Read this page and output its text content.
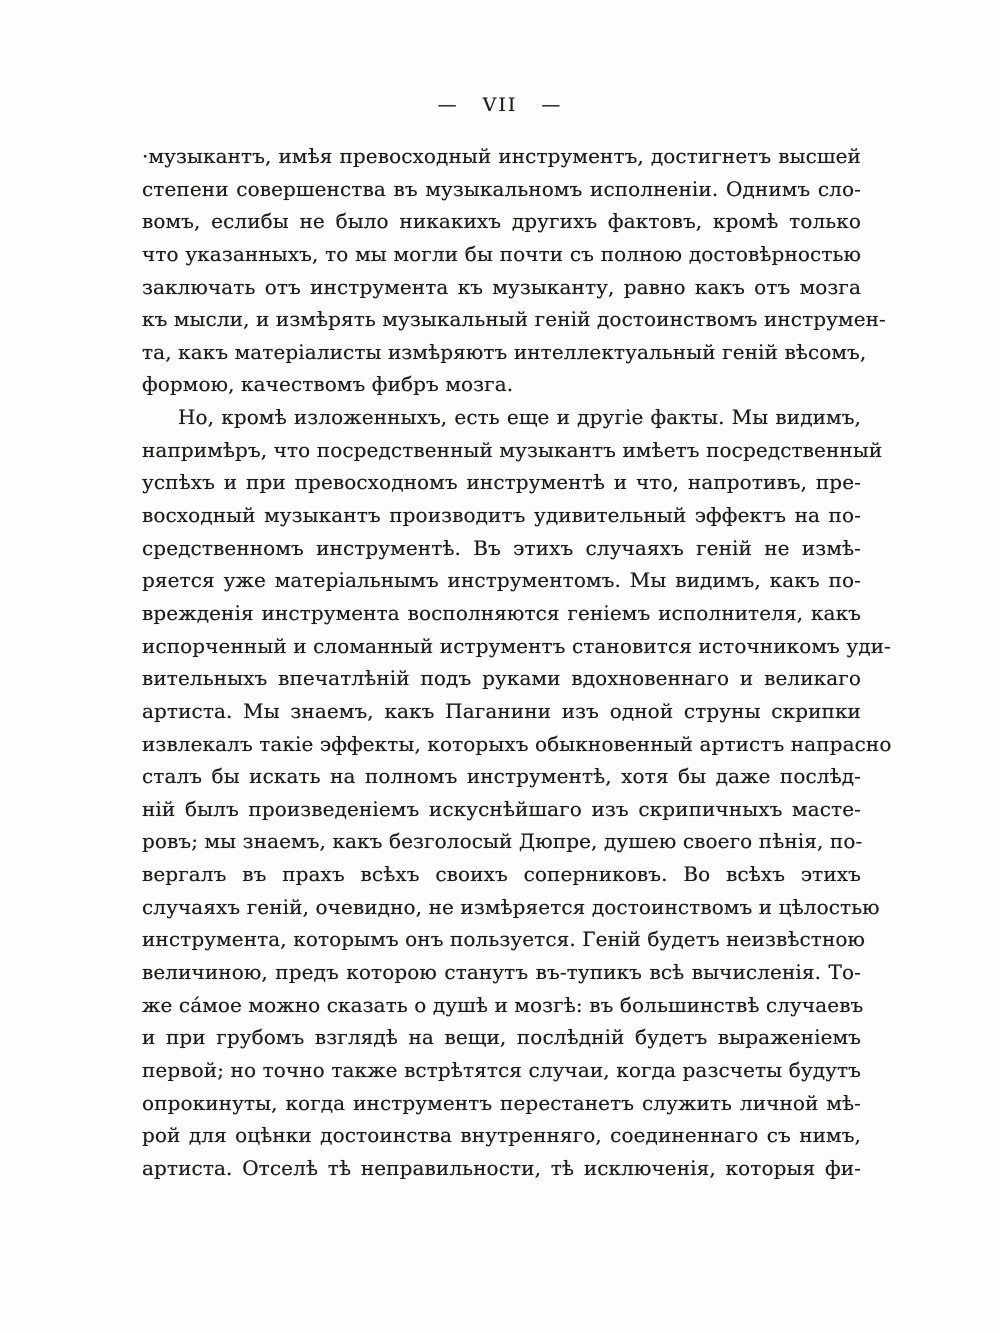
— VII —
·музыкантъ, имѣя превосходный инструментъ, достигнетъ высшей
степени совершенства въ музыкальномъ исполненіи. Однимъ сло-
вомъ, еслибы не было никакихъ другихъ фактовъ, кромѣ только
что указанныхъ, то мы могли бы почти съ полною достовѣрностью
заключать отъ инструмента къ музыканту, равно какъ отъ мозга
къ мысли, и измѣрять музыкальный геній достоинствомъ инструмен-
та, какъ матеріалисты измѣряютъ интеллектуальный геній вѣсомъ,
формою, качествомъ фибръ мозга.
Но, кромѣ изложенныхъ, есть еще и другіе факты. Мы видимъ,
напримѣръ, что посредственный музыкантъ имѣетъ посредственный
успѣхъ и при превосходномъ инструментѣ и что, напротивъ, пре-
восходный музыкантъ производитъ удивительный эффектъ на по-
средственномъ инструментѣ. Въ этихъ случаяхъ геній не измѣ-
ряется уже матеріальнымъ инструментомъ. Мы видимъ, какъ по-
врежденія инструмента восполняются геніемъ исполнителя, какъ
испорченный и сломанный иструментъ становится источникомъ уди-
вительныхъ впечатлѣній подъ руками вдохновеннаго и великаго
артиста. Мы знаемъ, какъ Паганини изъ одной струны скрипки
извлекалъ такіе эффекты, которыхъ обыкновенный артистъ напрасно
сталъ бы искать на полномъ инструментѣ, хотя бы даже послѣд-
ній былъ произведеніемъ искуснѣйшаго изъ скрипичныхъ масте-
ровъ; мы знаемъ, какъ безголосый Дюпре, душею своего пѣнія, по-
вергалъ въ прахъ всѣхъ своихъ соперниковъ. Во всѣхъ этихъ
случаяхъ геній, очевидно, не измѣряется достоинствомъ и цѣлостью
инструмента, которымъ онъ пользуется. Геній будетъ неизвѣстною
величиною, предъ которою станутъ въ-тупикъ всѣ вычисленія. То-
же са́мое можно сказать о душѣ и мозгѣ: въ большинствѣ случаевъ
и при грубомъ взглядѣ на вещи, послѣдній будетъ выраженіемъ
первой; но точно также встрѣтятся случаи, когда разсчеты будутъ
опрокинуты, когда инструментъ перестанетъ служить личной мѣ-
рой для оцѣнки достоинства внутренняго, соединеннаго съ нимъ,
артиста. Отселѣ тѣ неправильности, тѣ исключенія, которыя фи-
